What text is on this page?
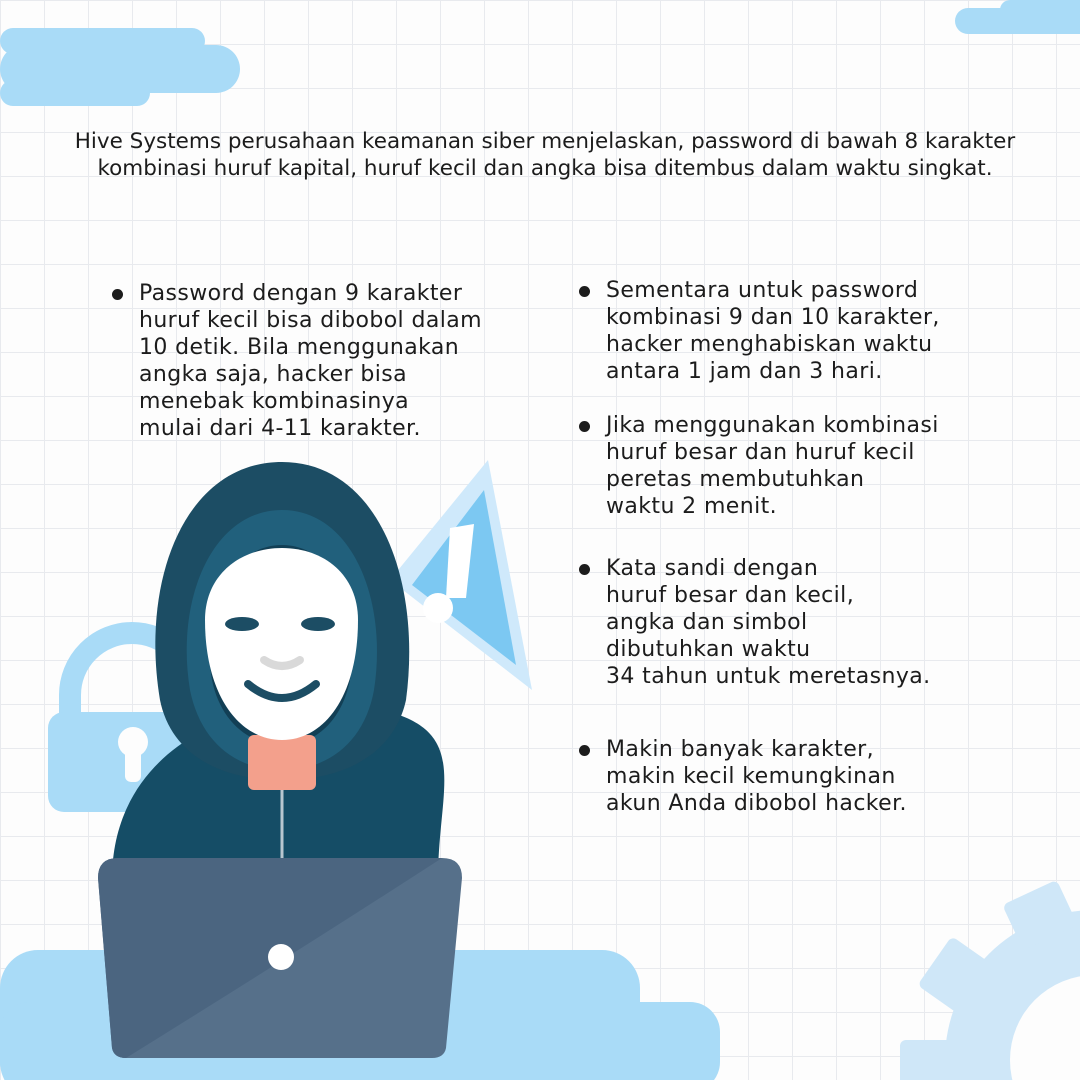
Hive Systems perusahaan keamanan siber menjelaskan, password di bawah 8 karakter kombinasi huruf kapital, huruf kecil dan angka bisa ditembus dalam waktu singkat.

Password dengan 9 karakter
huruf kecil bisa dibobol dalam
10 detik. Bila menggunakan
angka saja, hacker bisa
menebak kombinasinya
mulai dari 4-11 karakter.

Sementara untuk password
kombinasi 9 dan 10 karakter,
hacker menghabiskan waktu
antara 1 jam dan 3 hari.

Jika menggunakan kombinasi
huruf besar dan huruf kecil
peretas membutuhkan
waktu 2 menit.

Kata sandi dengan
huruf besar dan kecil,
angka dan simbol
dibutuhkan waktu
34 tahun untuk meretasnya.

Makin banyak karakter,
makin kecil kemungkinan
akun Anda dibobol hacker.
